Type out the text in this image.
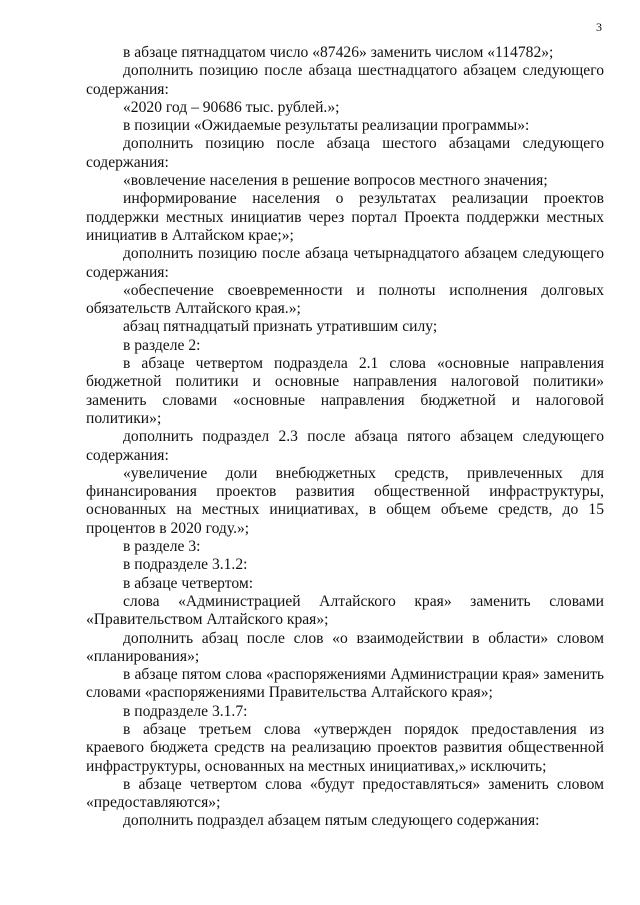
3

в абзаце пятнадцатом число «87426» заменить числом «114782»;

дополнить позицию после абзаца шестнадцатого абзацем следующего содержания:

«2020 год – 90686 тыс. рублей.»;

в позиции «Ожидаемые результаты реализации программы»:

дополнить позицию после абзаца шестого абзацами следующего содержания:

«вовлечение населения в решение вопросов местного значения;

информирование населения о результатах реализации проектов поддержки местных инициатив через портал Проекта поддержки местных инициатив в Алтайском крае;»;

дополнить позицию после абзаца четырнадцатого абзацем следующего содержания:

«обеспечение своевременности и полноты исполнения долговых обязательств Алтайского края.»;

абзац пятнадцатый признать утратившим силу;

в разделе 2:

в абзаце четвертом подраздела 2.1 слова «основные направления бюджетной политики и основные направления налоговой политики» заменить словами «основные направления бюджетной и налоговой политики»;

дополнить подраздел 2.3 после абзаца пятого абзацем следующего содержания:

«увеличение доли внебюджетных средств, привлеченных для финансирования проектов развития общественной инфраструктуры, основанных на местных инициативах, в общем объеме средств, до 15 процентов в 2020 году.»;

в разделе 3:

в подразделе 3.1.2:

в абзаце четвертом:

слова «Администрацией Алтайского края» заменить словами «Правительством Алтайского края»;

дополнить абзац после слов «о взаимодействии в области» словом «планирования»;

в абзаце пятом слова «распоряжениями Администрации края» заменить словами «распоряжениями Правительства Алтайского края»;

в подразделе 3.1.7:

в абзаце третьем слова «утвержден порядок предоставления из краевого бюджета средств на реализацию проектов развития общественной инфраструктуры, основанных на местных инициативах,» исключить;

в абзаце четвертом слова «будут предоставляться» заменить словом «предоставляются»;

дополнить подраздел абзацем пятым следующего содержания:
